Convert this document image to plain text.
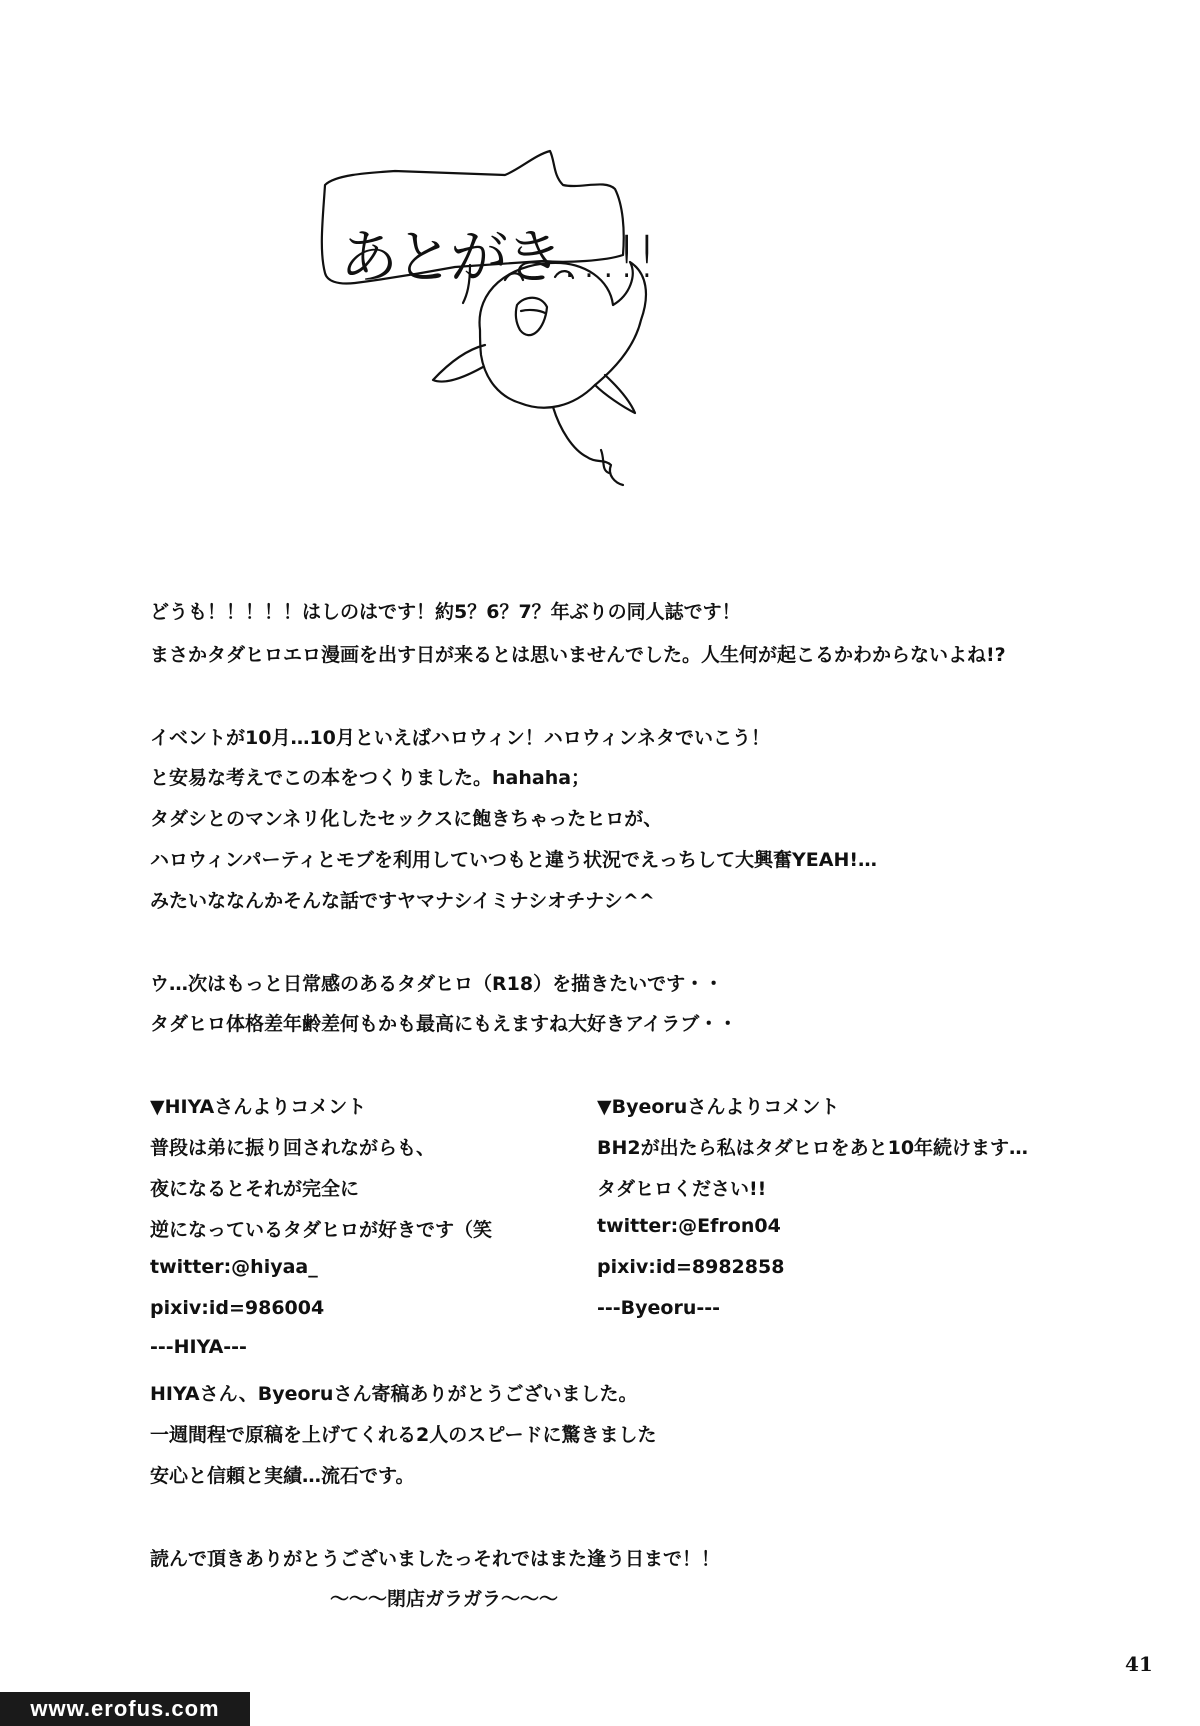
あとがき…!!
どうも！！！！！はしのはです！約5？6？7？年ぶりの同人誌です！
まさかタダヒロエロ漫画を出す日が来るとは思いませんでした。人生何が起こるかわからないよね!?
イベントが10月…10月といえばハロウィン！ハロウィンネタでいこう！
と安易な考えでこの本をつくりました。hahaha；
タダシとのマンネリ化したセックスに飽きちゃったヒロが、
ハロウィンパーティとモブを利用していつもと違う状況でえっちして大興奮YEAH!…
みたいななんかそんな話ですヤマナシイミナシオチナシ^^
ウ…次はもっと日常感のあるタダヒロ（R18）を描きたいです・・
タダヒロ体格差年齢差何もかも最高にもえますね大好きアイラブ・・
▼HIYAさんよりコメント
普段は弟に振り回されながらも、
夜になるとそれが完全に
逆になっているタダヒロが好きです（笑
twitter:@hiyaa_
pixiv:id=986004
---HIYA---
▼Byeoruさんよりコメント
BH2が出たら私はタダヒロをあと10年続けます…
タダヒロください!!
twitter:@Efron04
pixiv:id=8982858
---Byeoru---
HIYAさん、Byeoruさん寄稿ありがとうございました。
一週間程で原稿を上げてくれる2人のスピードに驚きました
安心と信頼と実績…流石です。
読んで頂きありがとうございましたっそれではまた逢う日まで！！
～～～閉店ガラガラ～～～
41
www.erofus.com
